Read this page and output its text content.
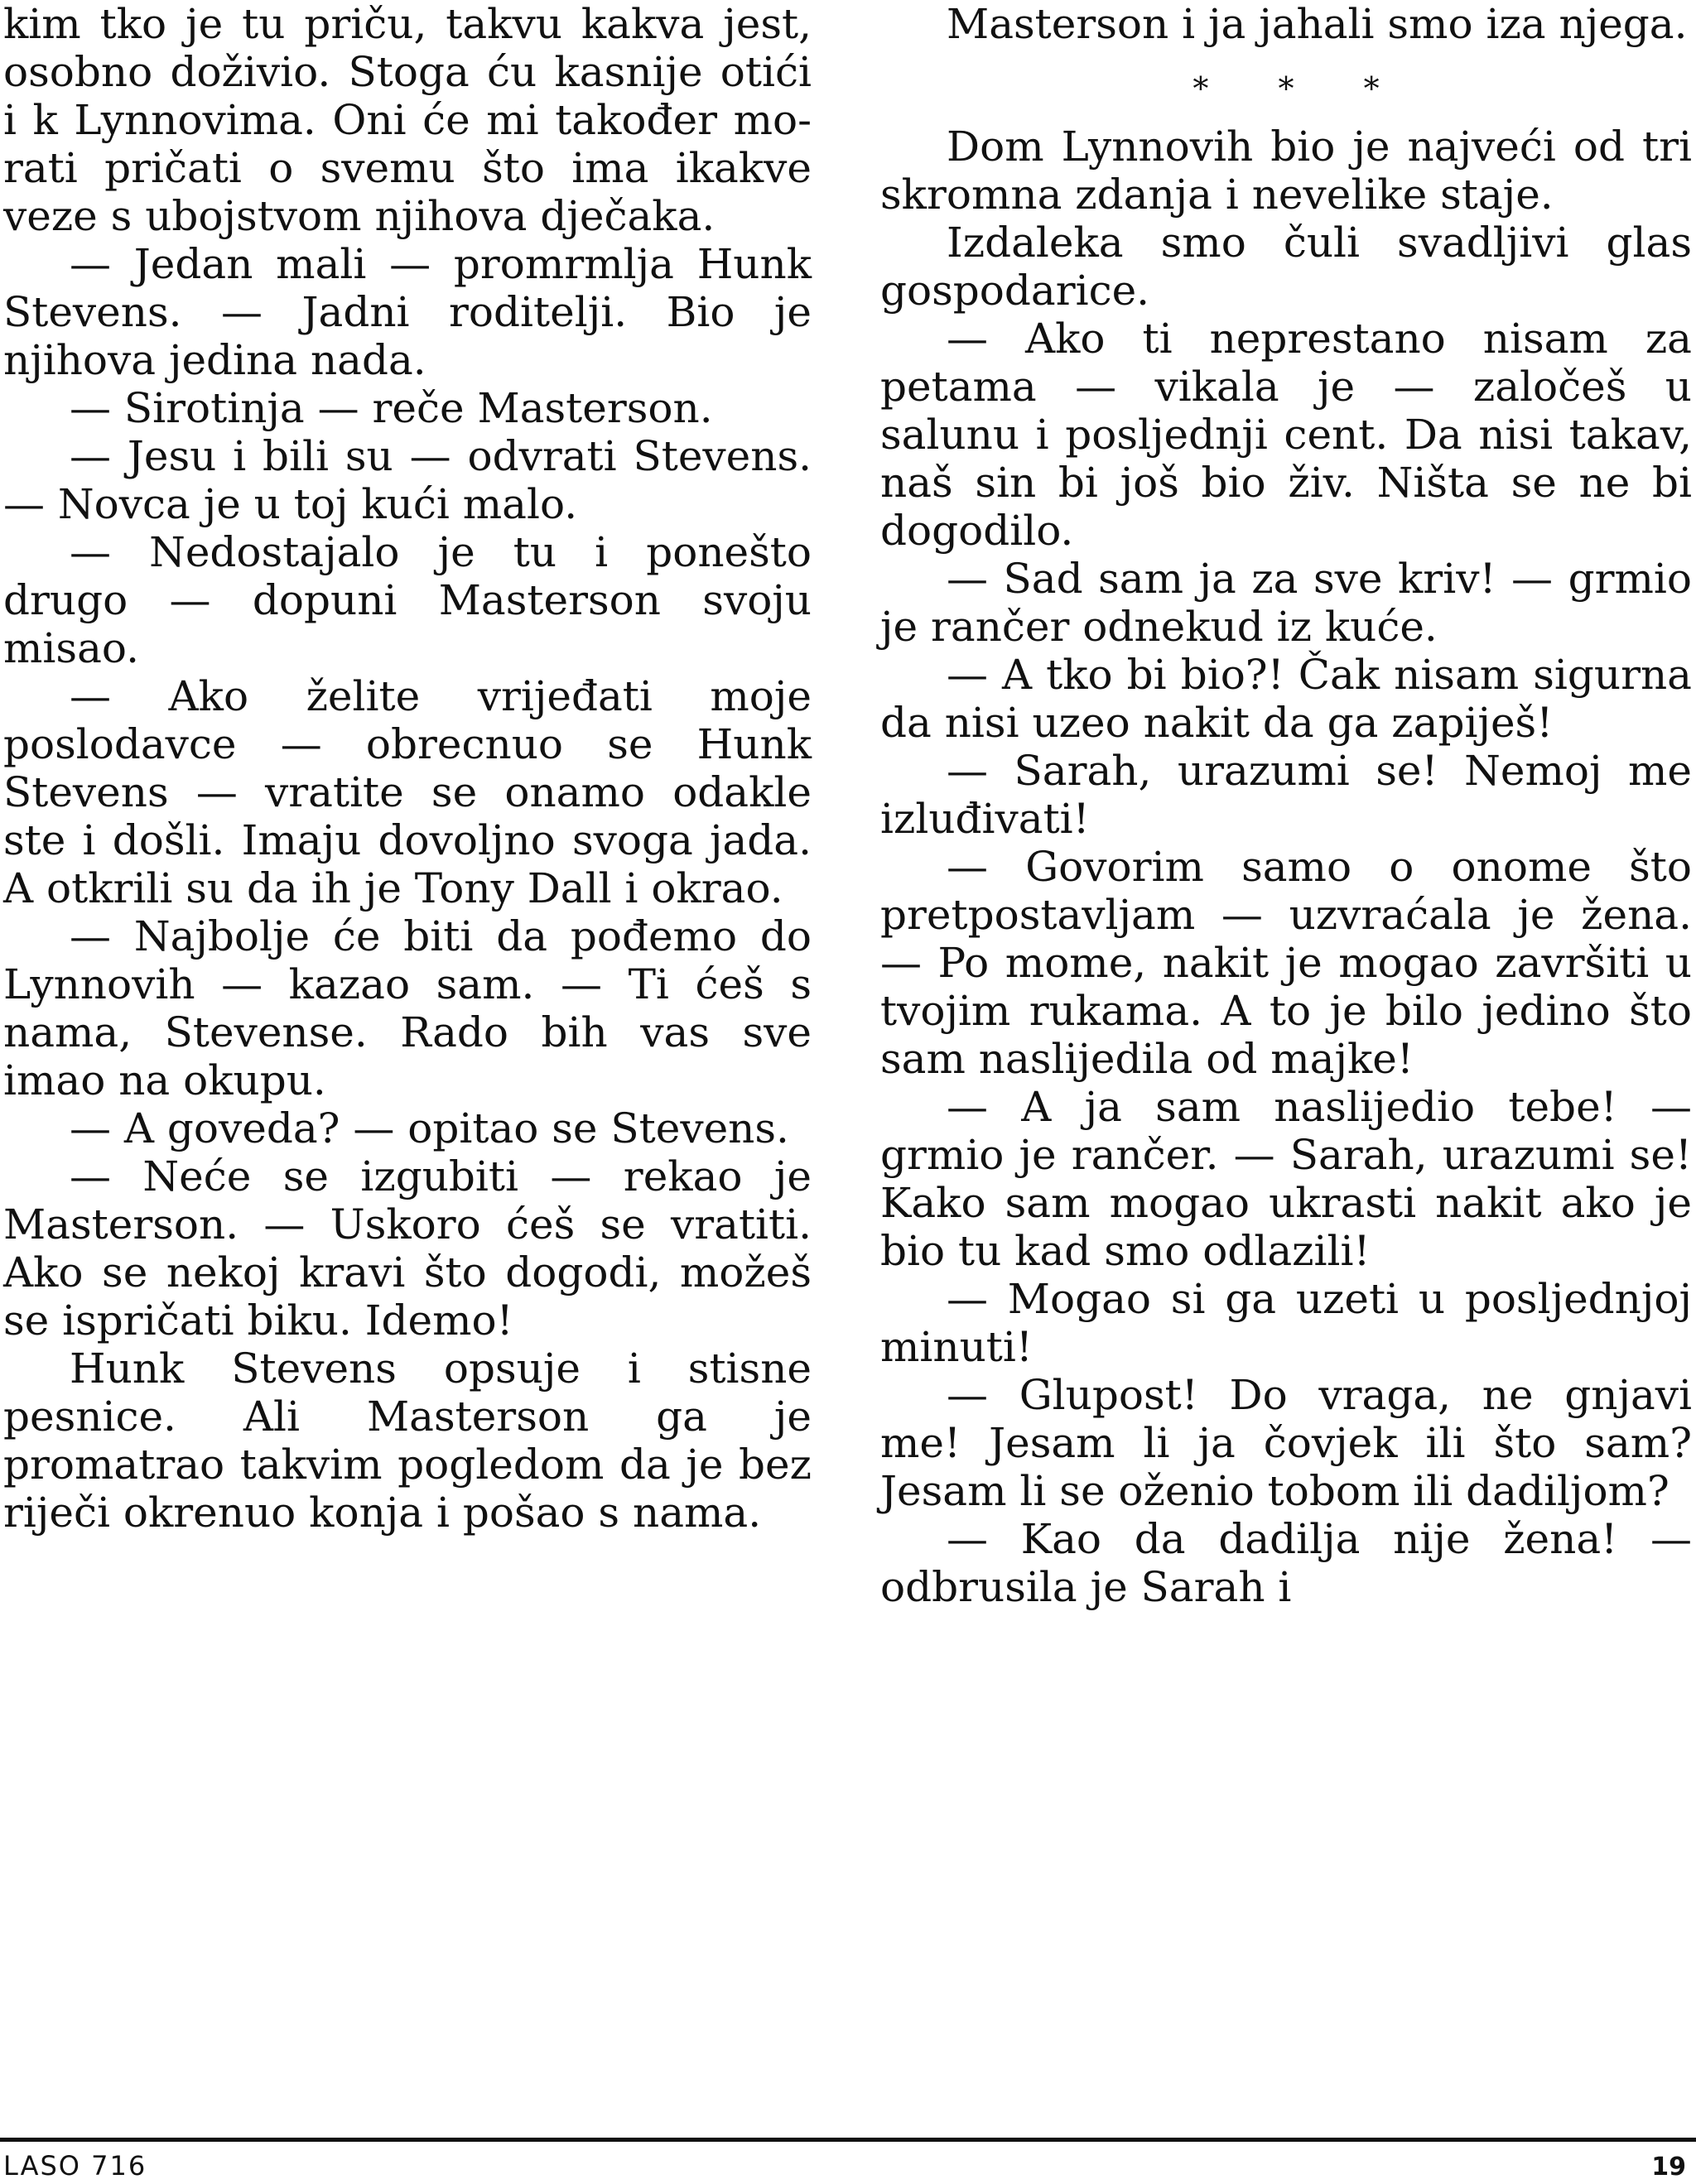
kim tko je tu priču, takvu kakva jest, osobno doživio. Stoga ću kasnije otići i k Lynnovima. Oni će mi također morati pričati o svemu što ima ikakve veze s ubojstvom njihova dječaka.

— Jedan mali — promrmlja Hunk Stevens. — Jadni roditelji. Bio je njihova jedina nada.

— Sirotinja — reče Masterson.

— Jesu i bili su — odvrati Stevens. — Novca je u toj kući malo.

— Nedostajalo je tu i ponešto drugo — dopuni Masterson svoju misao.

— Ako želite vrijeđati moje poslodavce — obrecnuo se Hunk Stevens — vratite se onamo odakle ste i došli. Imaju dovoljno svoga jada. A otkrili su da ih je Tony Dall i okrao.

— Najbolje će biti da pođemo do Lynnovih — kazao sam. — Ti ćeš s nama, Stevense. Rado bih vas sve imao na okupu.

— A goveda? — opitao se Stevens.

— Neće se izgubiti — rekao je Masterson. — Uskoro ćeš se vratiti. Ako se nekoj kravi što dogodi, možeš se ispričati biku. Idemo!

Hunk Stevens opsuje i stisne pesnice. Ali Masterson ga je promatrao takvim pogledom da je bez riječi okrenuo konja i pošao s nama.

Masterson i ja jahali smo iza njega.

* * *

Dom Lynnovih bio je najveći od tri skromna zdanja i nevelike staje.

Izdaleka smo čuli svadljivi glas gospodarice.

— Ako ti neprestano nisam za petama — vikala je — zaločeš u salunu i posljednji cent. Da nisi takav, naš sin bi još bio živ. Ništa se ne bi dogodilo.

— Sad sam ja za sve kriv! — grmio je rančer odnekud iz kuće.

— A tko bi bio?! Čak nisam sigurna da nisi uzeo nakit da ga zapiješ!

— Sarah, urazumi se! Nemoj me izluđivati!

— Govorim samo o onome što pretpostavljam — uzvraćala je žena. — Po mome, nakit je mogao završiti u tvojim rukama. A to je bilo jedino što sam naslijedila od majke!

— A ja sam naslijedio tebe! — grmio je rančer. — Sarah, urazumi se! Kako sam mogao ukrasti nakit ako je bio tu kad smo odlazili!

— Mogao si ga uzeti u posljednjoj minuti!

— Glupost! Do vraga, ne gnjavi me! Jesam li ja čovjek ili što sam? Jesam li se oženio tobom ili dadiljom?

— Kao da dadilja nije žena! — odbrusila je Sarah i

LASO 716	19
